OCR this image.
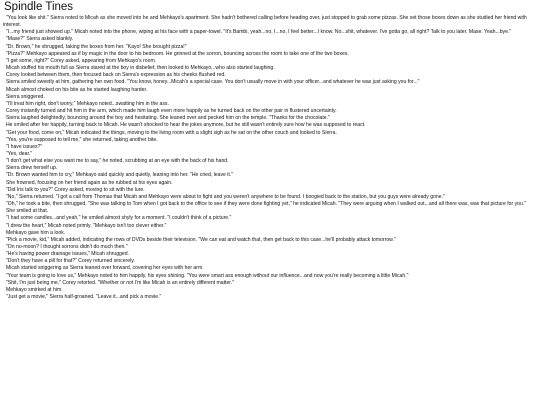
Spindle Tines

"You look like shit." Sierra noted to Micah as she moved into he and Mehkayo's apartment. She hadn't bothered calling before heading over, just stopped to grab some pizzas. She set those boxes down as she studied her friend with interest.

"I...my friend just showed up." Micah noted into the phone, wiping at his face with a paper-towel. "It's Bambi, yeah...no, I...no, I feel better...I know. No...shit, whatever. I've gotta go, all right? Talk to you later. Mase. Yeah...bye."

"Mase?" Sierra asked blankly.

"Dr. Brown," he shrugged, taking the boxes from her. "Kayo! She brought pizza!"

"Pizza?" Mehkayo appeared as if by magic in the door to his bedroom. He grinned at the sorron, bouncing across the room to take one of the two boxes.

"I get some, right?" Corey asked, appearing from Mehkayo's room.

Micah stuffed his mouth full as Sierra stared at the boy in disbelief, then looked to Mehkayo...who also started laughing.

Corey looked between them, then focused back on Sierra's expression as his cheeks flushed red.

Sierra smiled sweetly at him, gathering her own food. "You know, honey...Micah's a special case. You don't usually move in with your officer...and whatever he was just asking you for..."

Micah almost choked on his bite as he started laughing harder.

Sierra sniggered.

"I'll treat him right, don't worry," Mehkayo noted...swatting him in the ass.

Corey instantly turned and hit him in the arm, which made him laugh even more happily as he turned back on the other pair in flustered uncertainty.

Sierra laughed delightedly, bouncing around the boy and hesitating. She leaned over and pecked him on the temple. "Thanks for the chocolate."

He smiled after her happily, turning back to Micah. He wasn't shocked to hear the jokes anymore, but he still wasn't entirely sure how he was supposed to react.

"Get your food, come on," Micah indicated the things, moving to the living room with a slight sigh as he sat on the other couch and looked to Sierra.

"Yes, you're supposed to tell me," she returned, taking another bite.

"I have issues?"

"Yes, dear."

"I don't get what else you want me to say," he noted, scrubbing at an eye with the back of his hand.

Sierra drew herself up.

"Dr. Brown wanted him to cry," Mehkayo said quickly and quietly, leaning into her. "He cried, leave it."

She frowned, focusing on her friend again as he rubbed at his eyes again.

"Did Iris talk to you?" Corey asked, moving to sit with the lure.

"No," Sierra returned. "I got a call from Thomas that Micah and Mehkayo were about to fight and you weren't anywhere to be found. I boogied back to the station, but you guys were already gone."

"Oh," he took a bite, then shrugged. "She was talking to Tom when I got back to the office to see if they were done fighting yet," he indicated Micah. "They were arguing when I walked out...and all there was, was that picture for you."

She smiled at that.

"I had some candles...and yeah," he smiled almost shyly for a moment. "I couldn't think of a picture."

"I drew the heart," Micah noted primly. "Mehkayo isn't too clever either."

Mehkayo gave him a look.

"Pick a movie, kid," Micah added, indicating the rows of DVDs beside their television. "We can eat and watch that, then get back to this case...he'll probably attack tomorrow."

"On no-moon? I thought sorrons didn't do much then."

"He's having power drainage issues," Micah shrugged.

"Don't they have a pill for that?" Corey returned sincerely.

Micah started sniggering as Sierra leaned over forward, covering her eyes with her arm.

"Your team is going to love us," Mehkayo noted to him happily, his eyes shining. "You were smart ass enough without our influence...and now you're really becoming a little Micah."

"Shit, I'm just being me," Corey retorted. "Whether or not I'm like Micah is an entirely different matter."

Mehkayo smirked at him.

"Just get a movie," Sierra half-groaned. "Leave it...and pick a movie."
